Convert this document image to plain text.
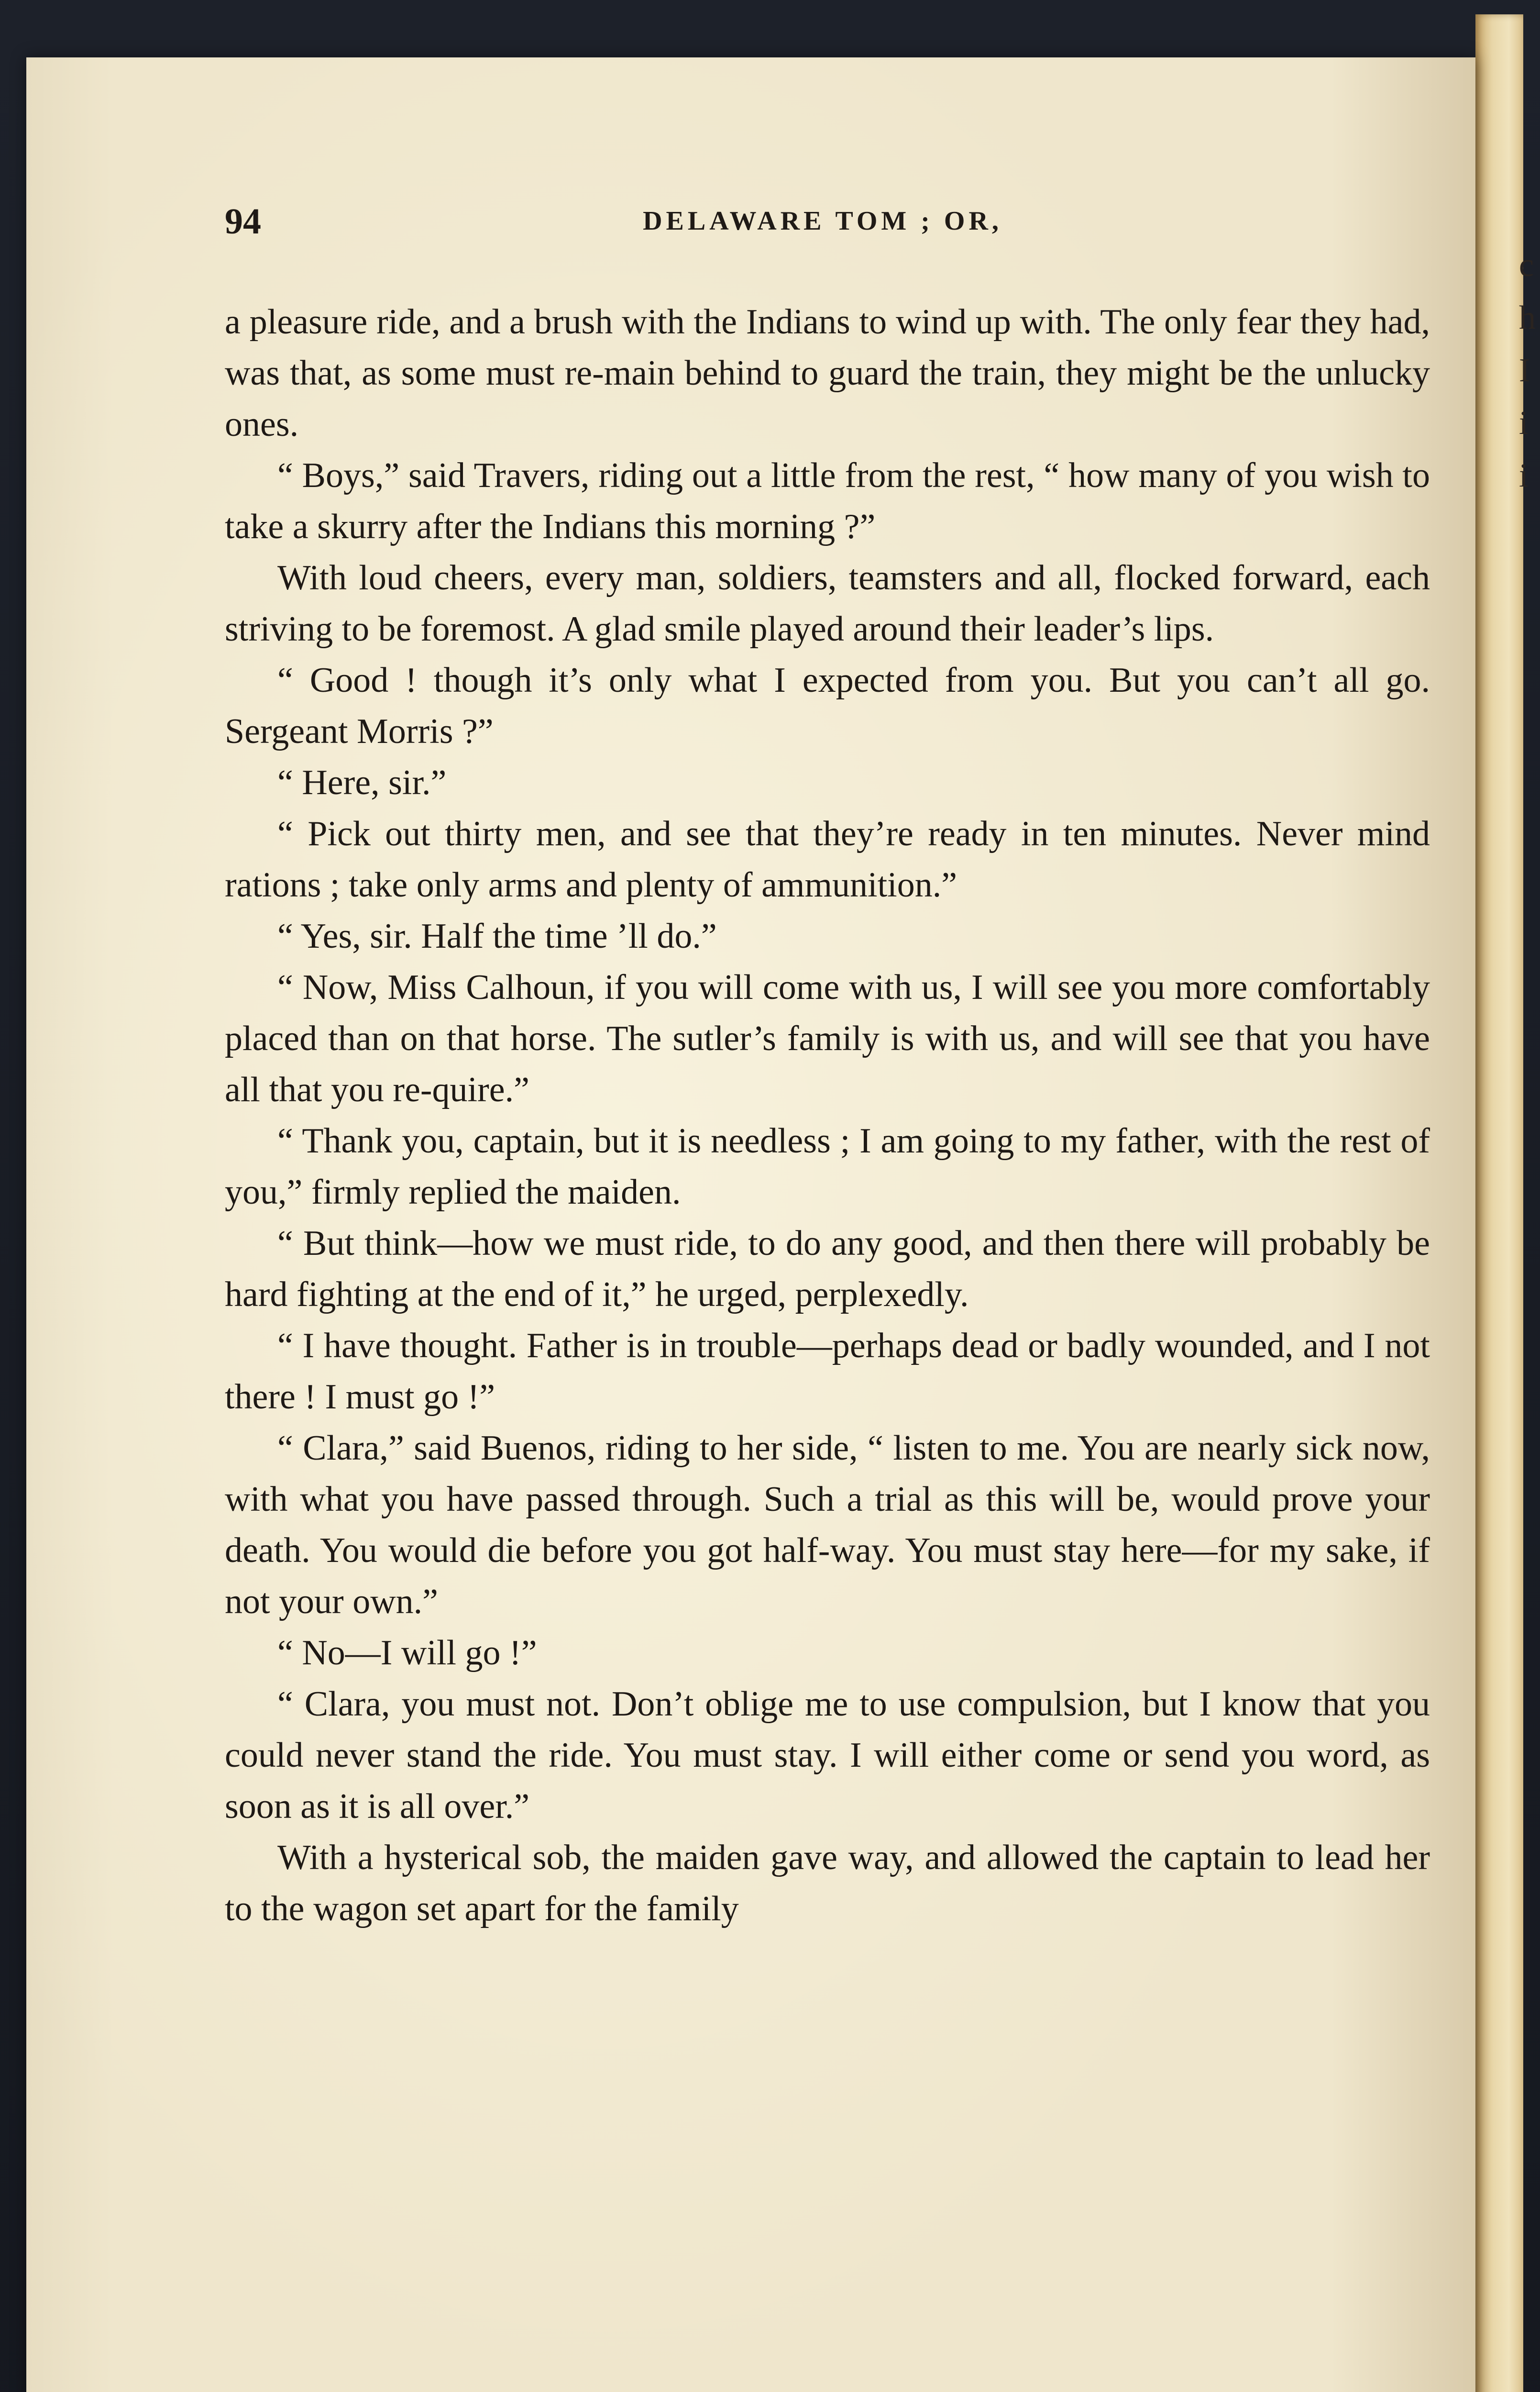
c
h
I
i
i
94	DELAWARE TOM ; OR,

a pleasure ride, and a brush with the Indians to wind up with. The only fear they had, was that, as some must re-main behind to guard the train, they might be the unlucky ones.

“ Boys,” said Travers, riding out a little from the rest, “ how many of you wish to take a skurry after the Indians this morning ?”

With loud cheers, every man, soldiers, teamsters and all, flocked forward, each striving to be foremost. A glad smile played around their leader’s lips.

“ Good ! though it’s only what I expected from you. But you can’t all go. Sergeant Morris ?”

“ Here, sir.”

“ Pick out thirty men, and see that they’re ready in ten minutes. Never mind rations ; take only arms and plenty of ammunition.”

“ Yes, sir. Half the time ’ll do.”

“ Now, Miss Calhoun, if you will come with us, I will see you more comfortably placed than on that horse. The sutler’s family is with us, and will see that you have all that you re-quire.”

“ Thank you, captain, but it is needless ; I am going to my father, with the rest of you,” firmly replied the maiden.

“ But think—how we must ride, to do any good, and then there will probably be hard fighting at the end of it,” he urged, perplexedly.

“ I have thought. Father is in trouble—perhaps dead or badly wounded, and I not there ! I must go !”

“ Clara,” said Buenos, riding to her side, “ listen to me. You are nearly sick now, with what you have passed through. Such a trial as this will be, would prove your death. You would die before you got half-way. You must stay here—for my sake, if not your own.”

“ No—I will go !”

“ Clara, you must not. Don’t oblige me to use compulsion, but I know that you could never stand the ride. You must stay. I will either come or send you word, as soon as it is all over.”

With a hysterical sob, the maiden gave way, and allowed the captain to lead her to the wagon set apart for the family
